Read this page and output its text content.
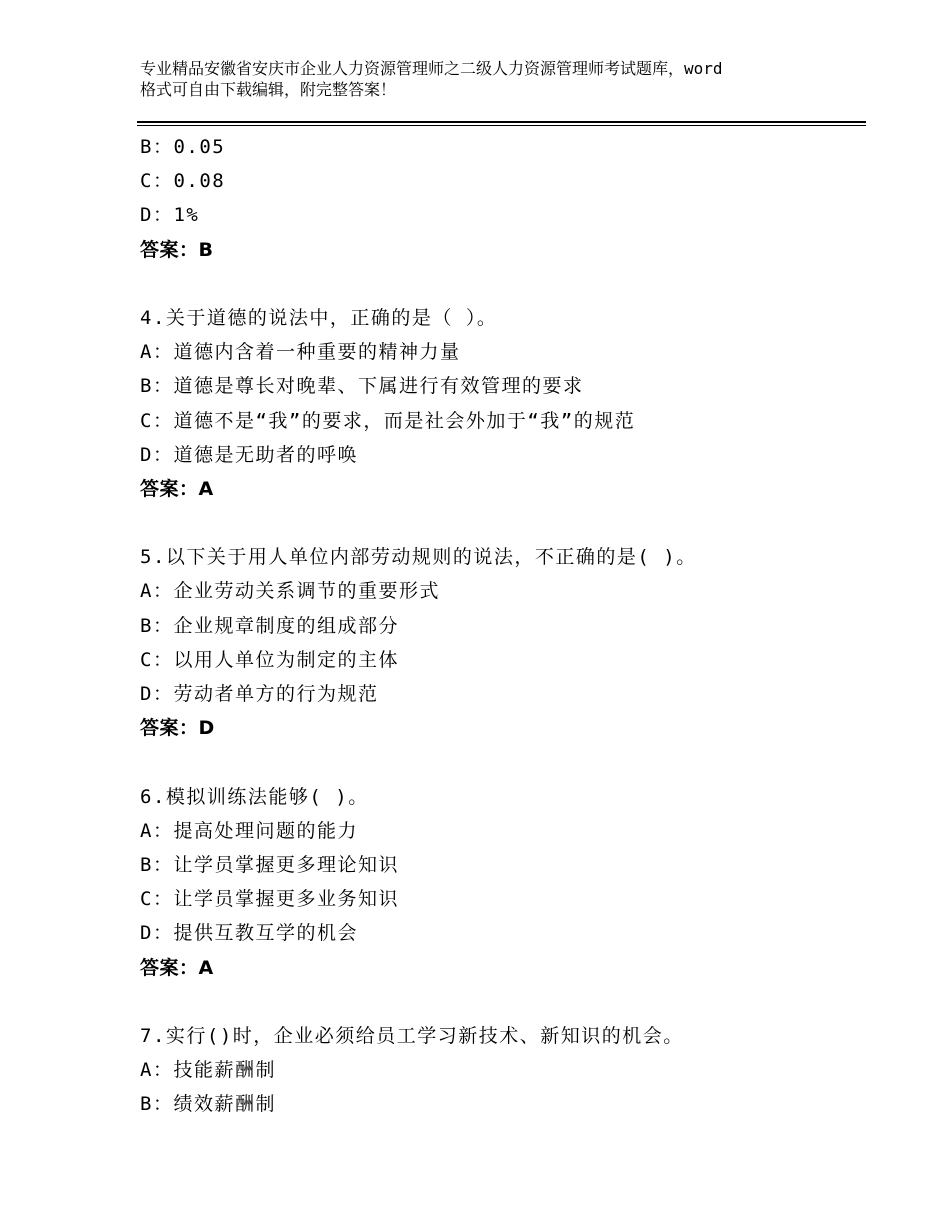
专业精品安徽省安庆市企业人力资源管理师之二级人力资源管理师考试题库，word

格式可自由下载编辑，附完整答案！

B：0.05
C：0.08
D：1%
答案：B
4.关于道德的说法中，正确的是（ ）。
A：道德内含着一种重要的精神力量
B：道德是尊长对晚辈、下属进行有效管理的要求
C：道德不是“我”的要求，而是社会外加于“我”的规范
D：道德是无助者的呼唤
答案：A
5.以下关于用人单位内部劳动规则的说法，不正确的是( )。
A：企业劳动关系调节的重要形式
B：企业规章制度的组成部分
C：以用人单位为制定的主体
D：劳动者单方的行为规范
答案：D
6.模拟训练法能够( )。
A：提高处理问题的能力
B：让学员掌握更多理论知识
C：让学员掌握更多业务知识
D：提供互教互学的机会
答案：A
7.实行()时，企业必须给员工学习新技术、新知识的机会。
A：技能薪酬制
B：绩效薪酬制
